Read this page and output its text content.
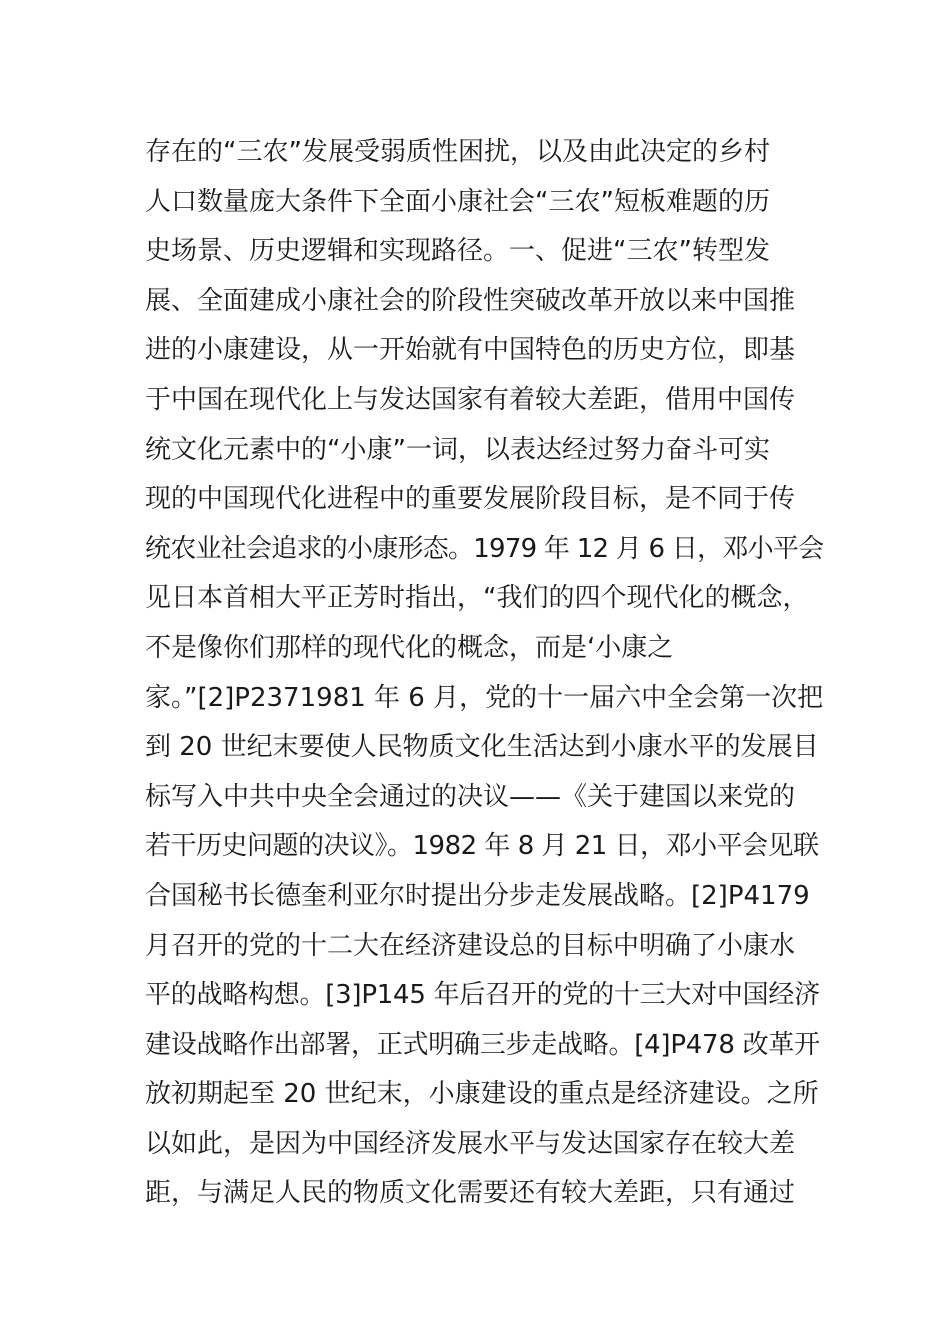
存在的“三农”发展受弱质性困扰，以及由此决定的乡村
人口数量庞大条件下全面小康社会“三农”短板难题的历
史场景、历史逻辑和实现路径。一、促进“三农”转型发
展、全面建成小康社会的阶段性突破改革开放以来中国推
进的小康建设，从一开始就有中国特色的历史方位，即基
于中国在现代化上与发达国家有着较大差距，借用中国传
统文化元素中的“小康”一词，以表达经过努力奋斗可实
现的中国现代化进程中的重要发展阶段目标，是不同于传
统农业社会追求的小康形态。1979 年 12 月 6 日，邓小平会
见日本首相大平正芳时指出，“我们的四个现代化的概念，
不是像你们那样的现代化的概念，而是‘小康之
家。”[2]P2371981 年 6 月，党的十一届六中全会第一次把
到 20 世纪末要使人民物质文化生活达到小康水平的发展目
标写入中共中央全会通过的决议——《关于建国以来党的
若干历史问题的决议》。1982 年 8 月 21 日，邓小平会见联
合国秘书长德奎利亚尔时提出分步走发展战略。[2]P4179
月召开的党的十二大在经济建设总的目标中明确了小康水
平的战略构想。[3]P145 年后召开的党的十三大对中国经济
建设战略作出部署，正式明确三步走战略。[4]P478 改革开
放初期起至 20 世纪末，小康建设的重点是经济建设。之所
以如此，是因为中国经济发展水平与发达国家存在较大差
距，与满足人民的物质文化需要还有较大差距，只有通过
